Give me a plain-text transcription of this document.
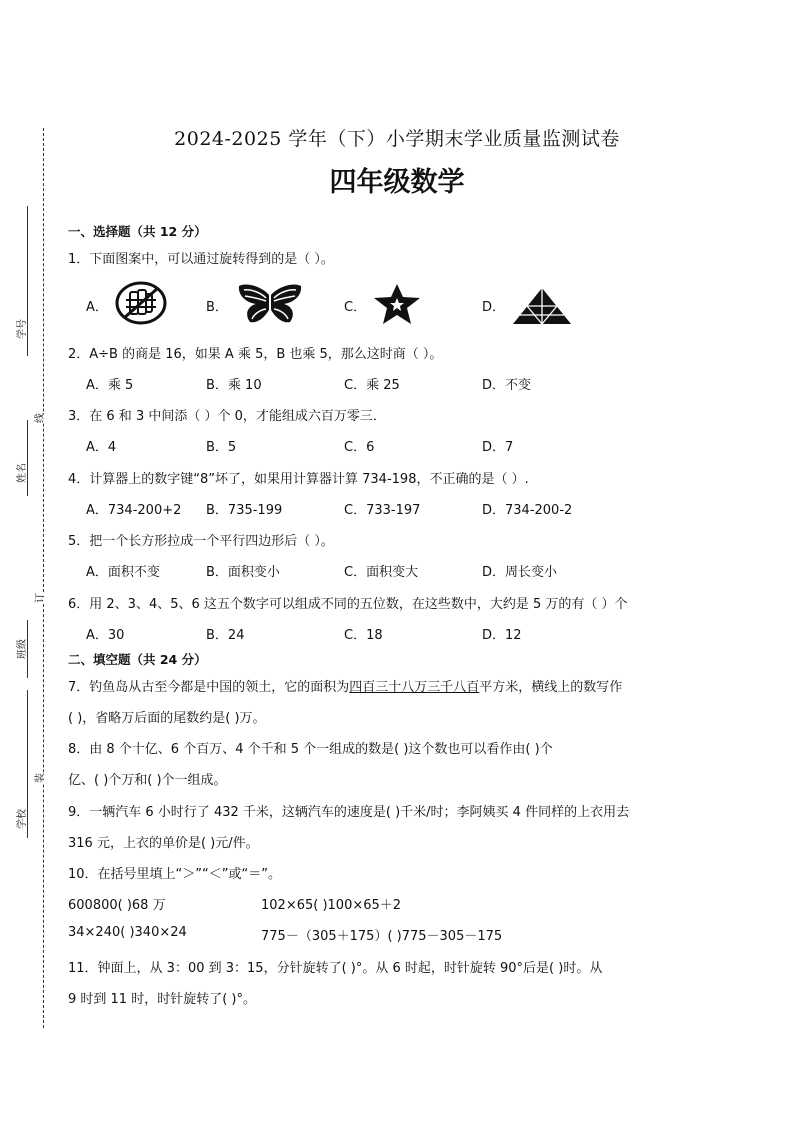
学号
姓名
班级
学校
线
订
装
2024-2025 学年（下）小学期末学业质量监测试卷
四年级数学
一、选择题（共 12 分）
1．下面图案中，可以通过旋转得到的是（ ）。
A．	B．	C．	D．
2．A÷B 的商是 16，如果 A 乘 5，B 也乘 5，那么这时商（ ）。
A．乘 5	B．乘 10	C．乘 25	D．不变
3．在 6 和 3 中间添（ ）个 0，才能组成六百万零三．
A．4	B．5	C．6	D．7
4．计算器上的数字键“8”坏了，如果用计算器计算 734-198，不正确的是（ ）.
A．734-200+2 B．735-199	C．733-197	D．734-200-2
5．把一个长方形拉成一个平行四边形后（ ）。
A．面积不变	B．面积变小	C．面积变大	D．周长变小
6．用 2、3、4、5、6 这五个数字可以组成不同的五位数，在这些数中，大约是 5 万的有（ ）个
A．30	B．24	C．18	D．12
二、填空题（共 24 分）
7．钓鱼岛从古至今都是中国的领土，它的面积为四百三十八万三千八百平方米，横线上的数写作
( )，省略万后面的尾数约是( )万。
8．由 8 个十亿、6 个百万、4 个千和 5 个一组成的数是( )这个数也可以看作由( )个
亿、( )个万和( )个一组成。
9．一辆汽车 6 小时行了 432 千米，这辆汽车的速度是( )千米/时；李阿姨买 4 件同样的上衣用去
316 元，上衣的单价是( )元/件。
10．在括号里填上“＞”“＜”或“＝”。
600800( )68 万	102×65( )100×65＋2
34×240( )340×24	775－（305＋175）( )775－305－175
11．钟面上，从 3：00 到 3：15，分针旋转了( )°。从 6 时起，时针旋转 90°后是( )时。从
9 时到 11 时，时针旋转了( )°。
